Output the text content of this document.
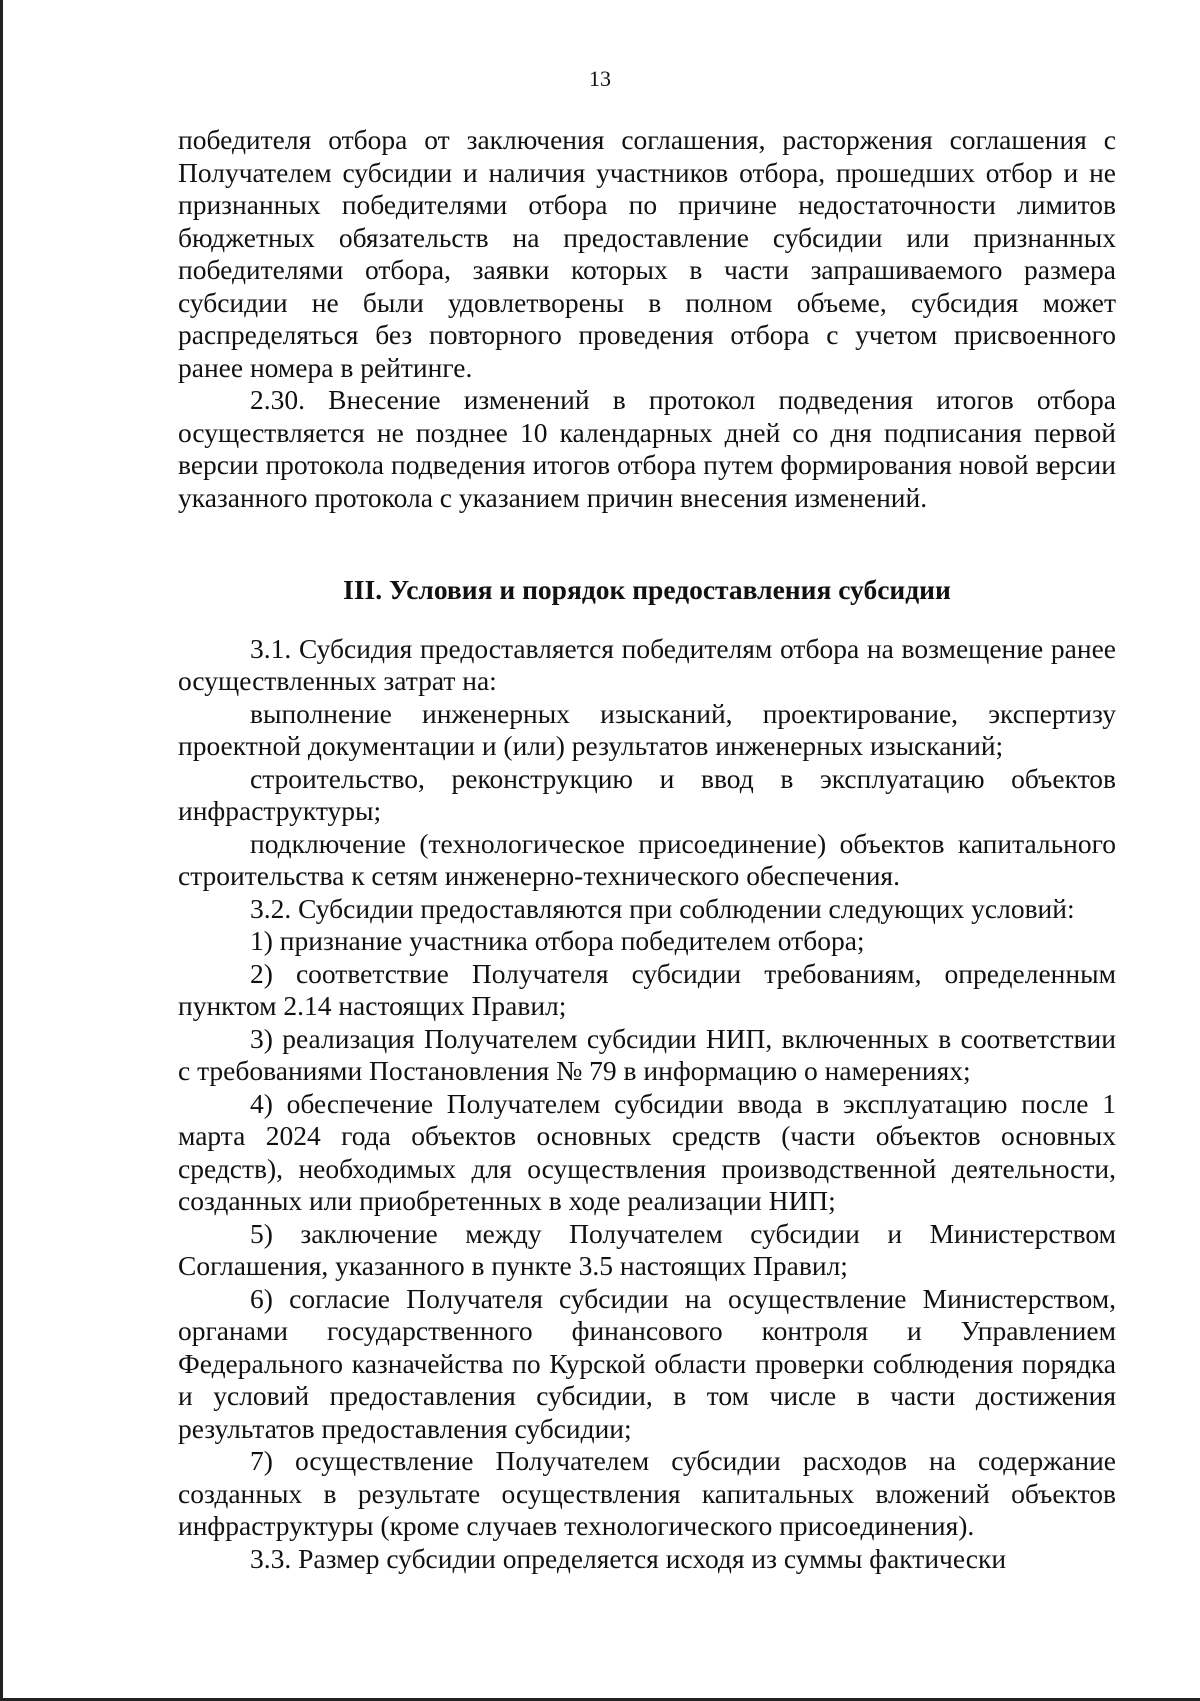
13

победителя отбора от заключения соглашения, расторжения соглашения с Получателем субсидии и наличия участников отбора, прошедших отбор и не признанных победителями отбора по причине недостаточности лимитов бюджетных обязательств на предоставление субсидии или признанных победителями отбора, заявки которых в части запрашиваемого размера субсидии не были удовлетворены в полном объеме, субсидия может распределяться без повторного проведения отбора с учетом присвоенного ранее номера в рейтинге.

2.30. Внесение изменений в протокол подведения итогов отбора осуществляется не позднее 10 календарных дней со дня подписания первой версии протокола подведения итогов отбора путем формирования новой версии указанного протокола с указанием причин внесения изменений.

III. Условия и порядок предоставления субсидии

3.1. Субсидия предоставляется победителям отбора на возмещение ранее осуществленных затрат на:

выполнение инженерных изысканий, проектирование, экспертизу проектной документации и (или) результатов инженерных изысканий;

строительство, реконструкцию и ввод в эксплуатацию объектов инфраструктуры;

подключение (технологическое присоединение) объектов капитального строительства к сетям инженерно-технического обеспечения.

3.2. Субсидии предоставляются при соблюдении следующих условий:

1) признание участника отбора победителем отбора;

2) соответствие Получателя субсидии требованиям, определенным пунктом 2.14 настоящих Правил;

3) реализация Получателем субсидии НИП, включенных в соответствии с требованиями Постановления № 79 в информацию о намерениях;

4) обеспечение Получателем субсидии ввода в эксплуатацию после 1 марта 2024 года объектов основных средств (части объектов основных средств), необходимых для осуществления производственной деятельности, созданных или приобретенных в ходе реализации НИП;

5) заключение между Получателем субсидии и Министерством Соглашения, указанного в пункте 3.5 настоящих Правил;

6) согласие Получателя субсидии на осуществление Министерством, органами государственного финансового контроля и Управлением Федерального казначейства по Курской области проверки соблюдения порядка и условий предоставления субсидии, в том числе в части достижения результатов предоставления субсидии;

7) осуществление Получателем субсидии расходов на содержание созданных в результате осуществления капитальных вложений объектов инфраструктуры (кроме случаев технологического присоединения).

3.3. Размер субсидии определяется исходя из суммы фактически
